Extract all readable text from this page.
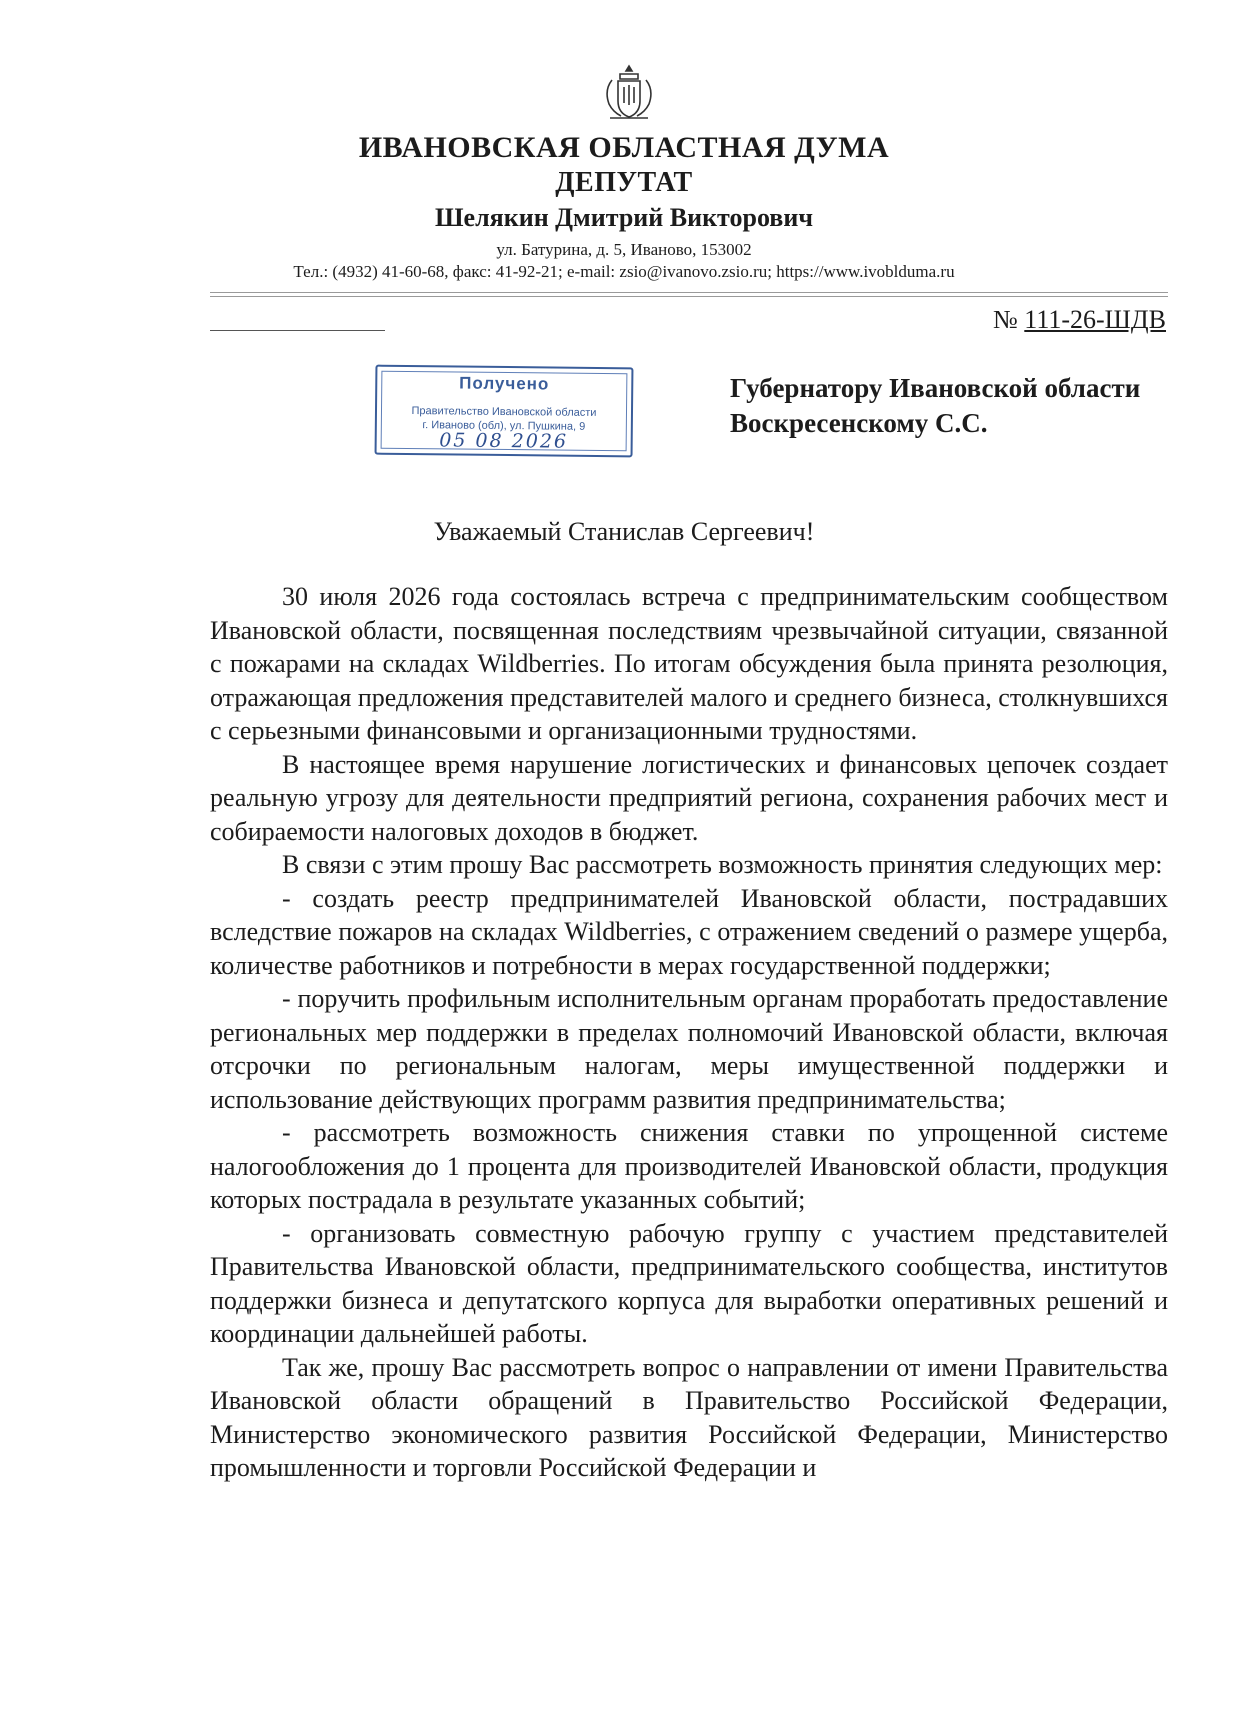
ИВАНОВСКАЯ ОБЛАСТНАЯ ДУМА
ДЕПУТАТ
Шелякин Дмитрий Викторович
ул. Батурина, д. 5, Иваново, 153002
Тел.: (4932) 41-60-68, факс: 41-92-21; e-mail: zsio@ivanovo.zsio.ru; https://www.ivoblduma.ru
№ 111-26-ШДВ
Получено
Правительство Ивановской области
г. Иваново (обл), ул. Пушкина, 9
05 08 2026
Губернатору Ивановской области
Воскресенскому С.С.
Уважаемый Станислав Сергеевич!

30 июля 2026 года состоялась встреча с предпринимательским сообществом Ивановской области, посвященная последствиям чрезвычайной ситуации, связанной с пожарами на складах Wildberries. По итогам обсуждения была принята резолюция, отражающая предложения представителей малого и среднего бизнеса, столкнувшихся с серьезными финансовыми и организационными трудностями.

В настоящее время нарушение логистических и финансовых цепочек создает реальную угрозу для деятельности предприятий региона, сохранения рабочих мест и собираемости налоговых доходов в бюджет.

В связи с этим прошу Вас рассмотреть возможность принятия следующих мер:

- создать реестр предпринимателей Ивановской области, пострадавших вследствие пожаров на складах Wildberries, с отражением сведений о размере ущерба, количестве работников и потребности в мерах государственной поддержки;

- поручить профильным исполнительным органам проработать предоставление региональных мер поддержки в пределах полномочий Ивановской области, включая отсрочки по региональным налогам, меры имущественной поддержки и использование действующих программ развития предпринимательства;

- рассмотреть возможность снижения ставки по упрощенной системе налогообложения до 1 процента для производителей Ивановской области, продукция которых пострадала в результате указанных событий;

- организовать совместную рабочую группу с участием представителей Правительства Ивановской области, предпринимательского сообщества, институтов поддержки бизнеса и депутатского корпуса для выработки оперативных решений и координации дальнейшей работы.

Так же, прошу Вас рассмотреть вопрос о направлении от имени Правительства Ивановской области обращений в Правительство Российской Федерации, Министерство экономического развития Российской Федерации, Министерство промышленности и торговли Российской Федерации и
